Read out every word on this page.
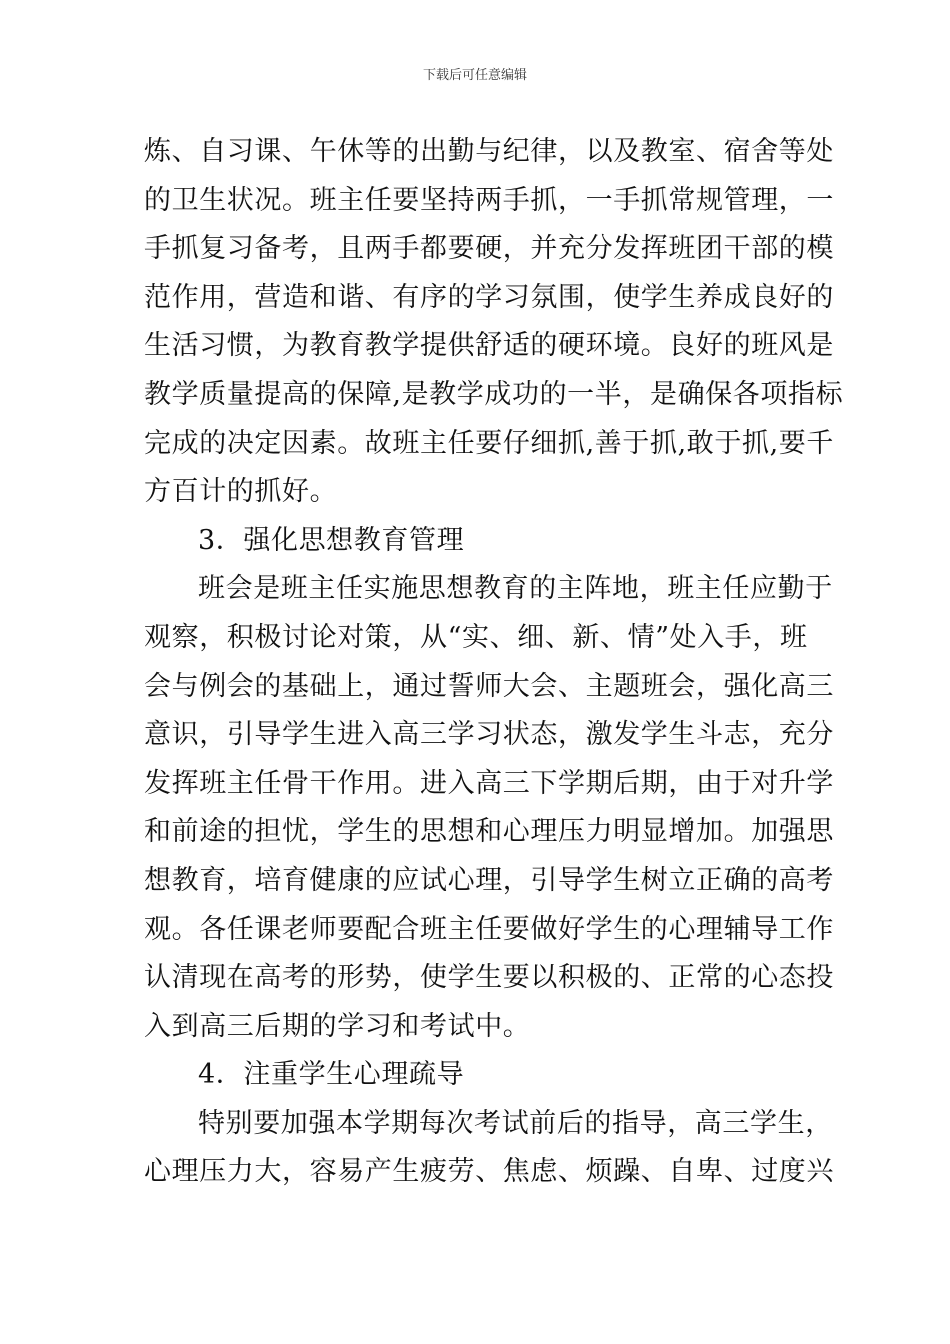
下载后可任意编辑
炼、自习课、午休等的出勤与纪律，以及教室、宿舍等处
的卫生状况。班主任要坚持两手抓，一手抓常规管理，一
手抓复习备考，且两手都要硬，并充分发挥班团干部的模
范作用，营造和谐、有序的学习氛围，使学生养成良好的
生活习惯，为教育教学提供舒适的硬环境。良好的班风是
教学质量提高的保障,是教学成功的一半，是确保各项指标
完成的决定因素。故班主任要仔细抓,善于抓,敢于抓,要千
方百计的抓好。
3．强化思想教育管理
班会是班主任实施思想教育的主阵地，班主任应勤于
观察，积极讨论对策，从“实、细、新、情”处入手，班
会与例会的基础上，通过誓师大会、主题班会，强化高三
意识，引导学生进入高三学习状态，激发学生斗志，充分
发挥班主任骨干作用。进入高三下学期后期，由于对升学
和前途的担忧，学生的思想和心理压力明显增加。加强思
想教育，培育健康的应试心理，引导学生树立正确的高考
观。各任课老师要配合班主任要做好学生的心理辅导工作
认清现在高考的形势，使学生要以积极的、正常的心态投
入到高三后期的学习和考试中。
4．注重学生心理疏导
特别要加强本学期每次考试前后的指导，高三学生，
心理压力大，容易产生疲劳、焦虑、烦躁、自卑、过度兴
